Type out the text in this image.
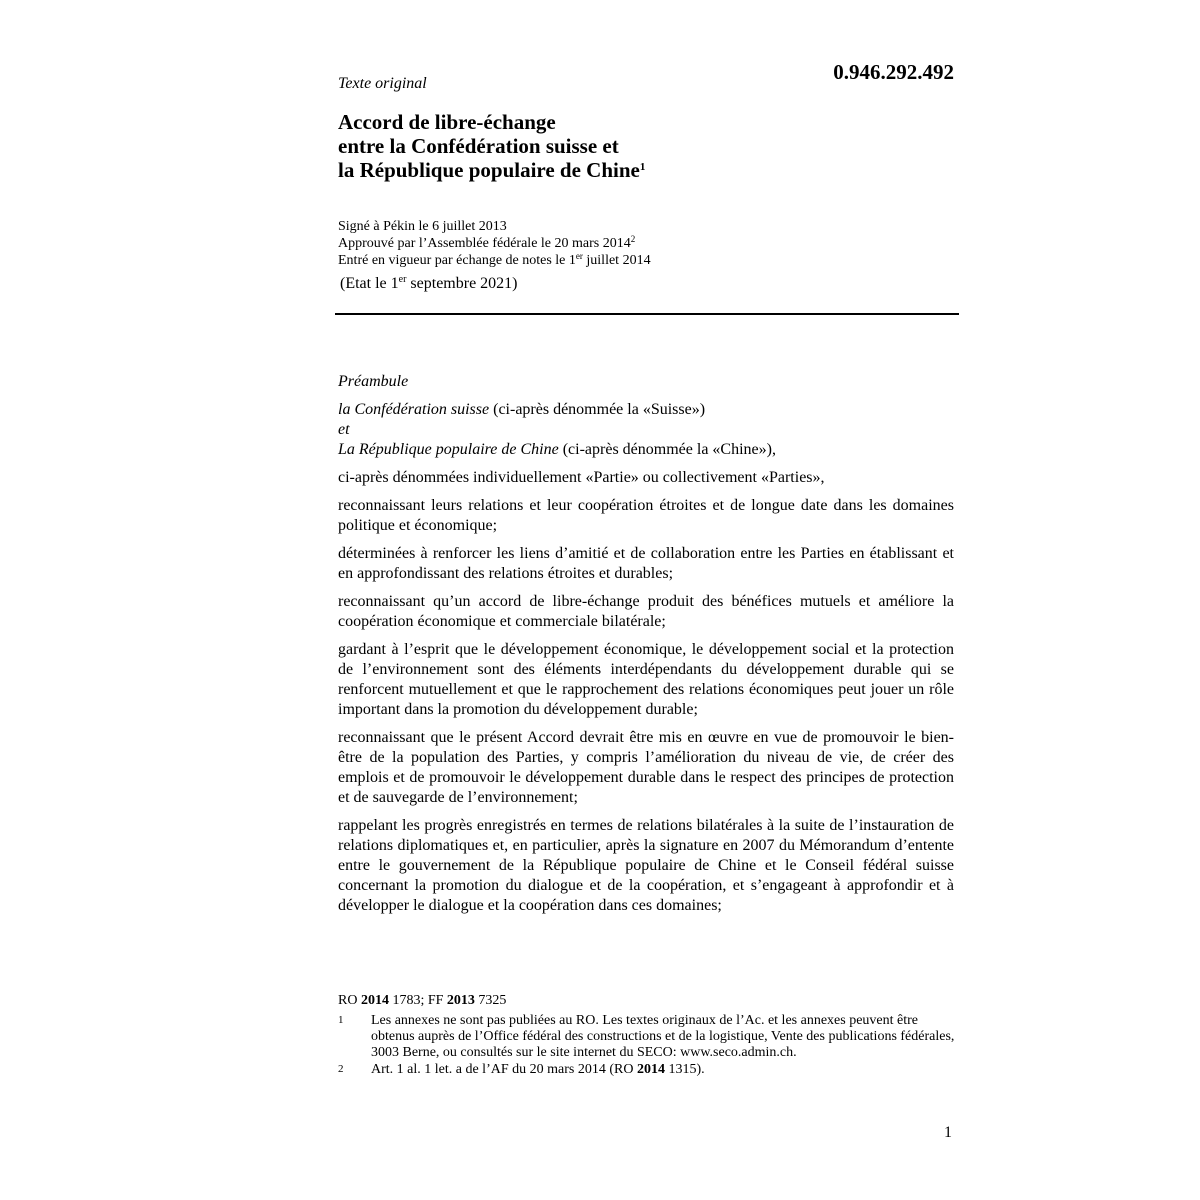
0.946.292.492
Texte original
Accord de libre-échange
entre la Confédération suisse et
la République populaire de Chine$^1$
Signé à Pékin le 6 juillet 2013
Approuvé par l’Assemblée fédérale le 20 mars 2014$^2$
Entré en vigueur par échange de notes le 1er juillet 2014
(Etat le 1er septembre 2021)

Préambule

la Confédération suisse (ci-après dénommée la «Suisse»)

et

La République populaire de Chine (ci-après dénommée la «Chine»),

ci-après dénommées individuellement «Partie» ou collectivement «Parties»,

reconnaissant leurs relations et leur coopération étroites et de longue date dans les domaines politique et économique;

déterminées à renforcer les liens d’amitié et de collaboration entre les Parties en établissant et en approfondissant des relations étroites et durables;

reconnaissant qu’un accord de libre-échange produit des bénéfices mutuels et améliore la coopération économique et commerciale bilatérale;

gardant à l’esprit que le développement économique, le développement social et la protection de l’environnement sont des éléments interdépendants du développement durable qui se renforcent mutuellement et que le rapprochement des relations économiques peut jouer un rôle important dans la promotion du développement durable;

reconnaissant que le présent Accord devrait être mis en œuvre en vue de promouvoir le bien-être de la population des Parties, y compris l’amélioration du niveau de vie, de créer des emplois et de promouvoir le développement durable dans le respect des principes de protection et de sauvegarde de l’environnement;

rappelant les progrès enregistrés en termes de relations bilatérales à la suite de l’instauration de relations diplomatiques et, en particulier, après la signature en 2007 du Mémorandum d’entente entre le gouvernement de la République populaire de Chine et le Conseil fédéral suisse concernant la promotion du dialogue et de la coopération, et s’engageant à approfondir et à développer le dialogue et la coopération dans ces domaines;

RO 2014 1783; FF 2013 7325
1	Les annexes ne sont pas publiées au RO. Les textes originaux de l’Ac. et les annexes peuvent être obtenus auprès de l’Office fédéral des constructions et de la logistique, Vente des publications fédérales, 3003 Berne, ou consultés sur le site internet du SECO: www.seco.admin.ch.
2	Art. 1 al. 1 let. a de l’AF du 20 mars 2014 (RO 2014 1315).
1
